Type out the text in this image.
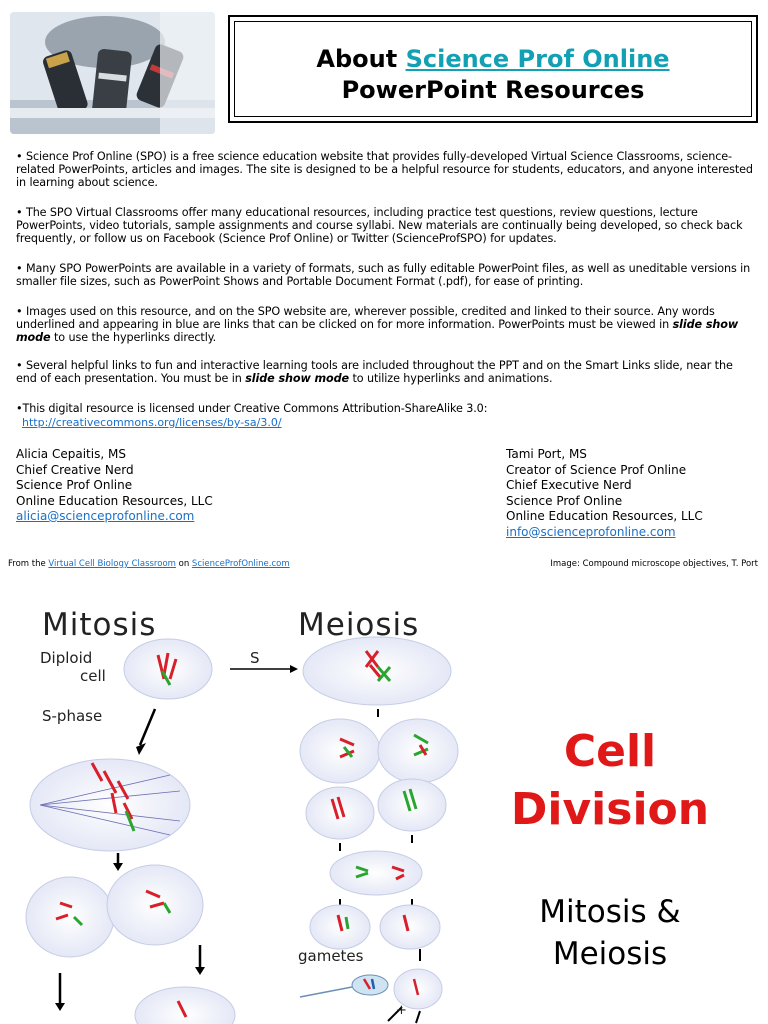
About Science Prof Online
PowerPoint Resources
• Science Prof Online (SPO) is a free science education website that provides fully-developed Virtual Science Classrooms, science-related PowerPoints, articles and images. The site is designed to be a helpful resource for students, educators, and anyone interested in learning about science.
• The SPO Virtual Classrooms offer many educational resources, including practice test questions, review questions, lecture PowerPoints, video tutorials, sample assignments and course syllabi. New materials are continually being developed, so check back frequently, or follow us on Facebook (Science Prof Online) or Twitter (ScienceProfSPO) for updates.
• Many SPO PowerPoints are available in a variety of formats, such as fully editable PowerPoint files, as well as uneditable versions in smaller file sizes, such as PowerPoint Shows and Portable Document Format (.pdf), for ease of printing.
• Images used on this resource, and on the SPO website are, wherever possible, credited and linked to their source. Any words underlined and appearing in blue are links that can be clicked on for more information. PowerPoints must be viewed in slide show mode to use the hyperlinks directly.
• Several helpful links to fun and interactive learning tools are included throughout the PPT and on the Smart Links slide, near the end of each presentation. You must be in slide show mode to utilize hyperlinks and animations.
•This digital resource is licensed under Creative Commons Attribution-ShareAlike 3.0:
http://creativecommons.org/licenses/by-sa/3.0/
Alicia Cepaitis, MS
Chief Creative Nerd
Science Prof Online
Online Education Resources, LLC
alicia@scienceprofonline.com
Tami Port, MS
Creator of Science Prof Online
Chief Executive Nerd
Science Prof Online
Online Education Resources, LLC
info@scienceprofonline.com
From the Virtual Cell Biology Classroom on ScienceProfOnline.com	Image: Compound microscope objectives, T. Port
Mitosis	Meiosis
Diploid
cell
S
S-phase
gametes
+
Cell
Division
Mitosis &
Meiosis
